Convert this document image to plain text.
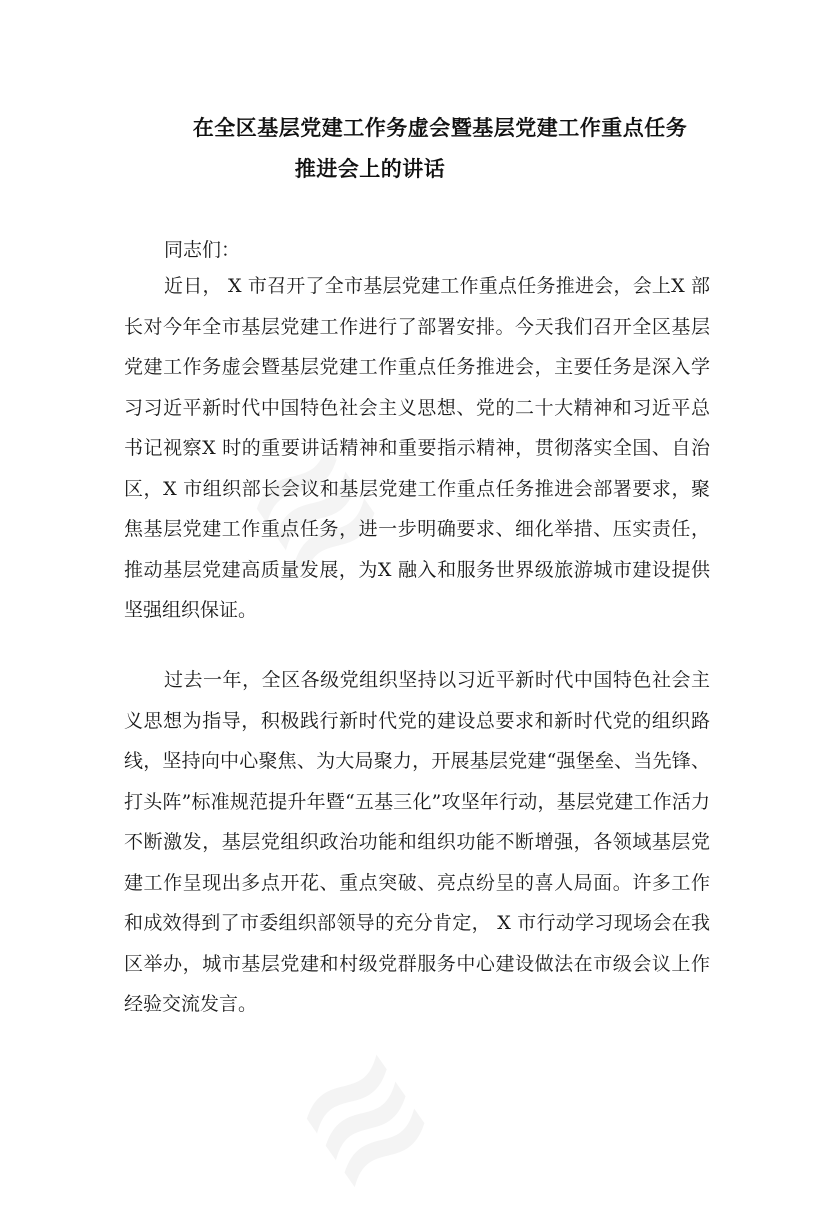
在全区基层党建工作务虚会暨基层党建工作重点任务
推进会上的讲话
同志们：

近日， X 市召开了全市基层党建工作重点任务推进会，会上X 部长对今年全市基层党建工作进行了部署安排。今天我们召开全区基层党建工作务虚会暨基层党建工作重点任务推进会，主要任务是深入学习习近平新时代中国特色社会主义思想、党的二十大精神和习近平总书记视察X 时的重要讲话精神和重要指示精神，贯彻落实全国、自治区，X 市组织部长会议和基层党建工作重点任务推进会部署要求，聚焦基层党建工作重点任务，进一步明确要求、细化举措、压实责任，推动基层党建高质量发展，为X 融入和服务世界级旅游城市建设提供坚强组织保证。

过去一年，全区各级党组织坚持以习近平新时代中国特色社会主义思想为指导，积极践行新时代党的建设总要求和新时代党的组织路线，坚持向中心聚焦、为大局聚力，开展基层党建“强堡垒、当先锋、打头阵”标准规范提升年暨“五基三化”攻坚年行动，基层党建工作活力不断激发，基层党组织政治功能和组织功能不断增强，各领域基层党建工作呈现出多点开花、重点突破、亮点纷呈的喜人局面。许多工作和成效得到了市委组织部领导的充分肯定， X 市行动学习现场会在我区举办，城市基层党建和村级党群服务中心建设做法在市级会议上作经验交流发言。
